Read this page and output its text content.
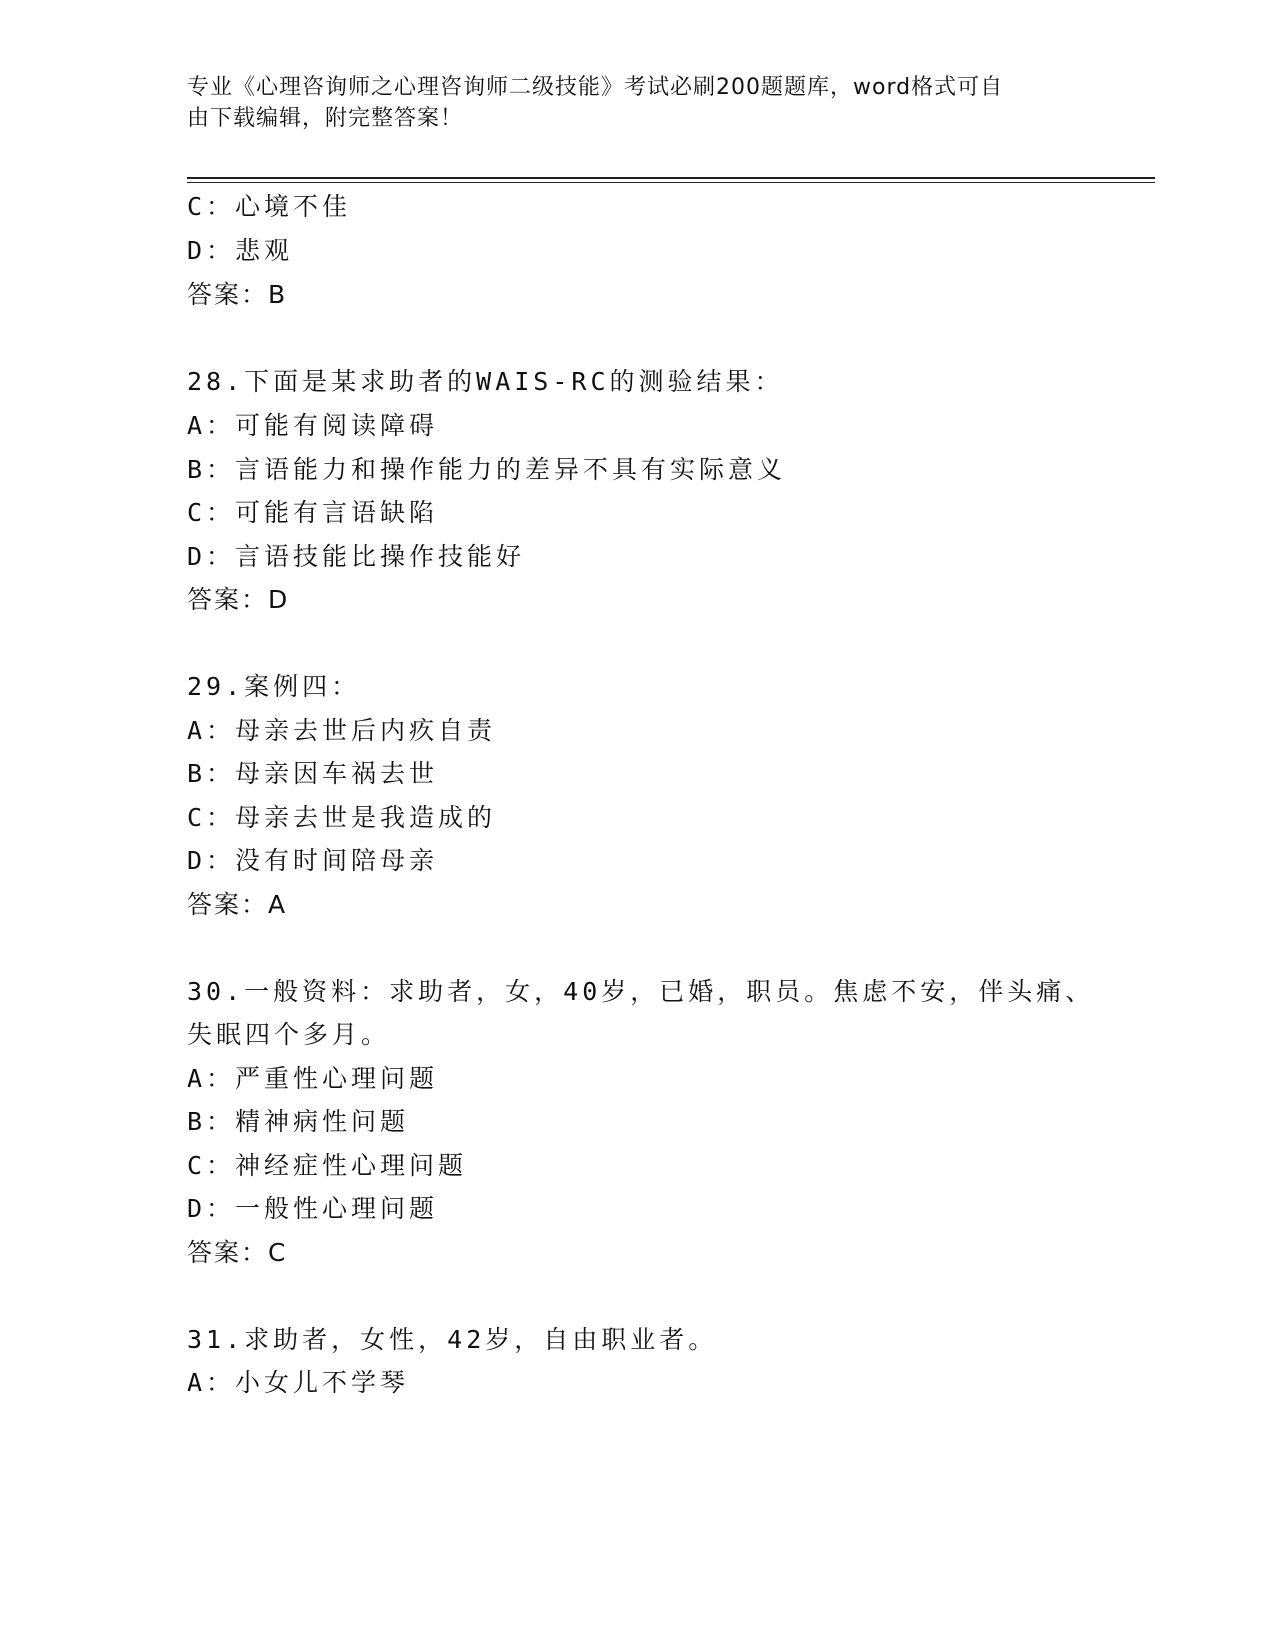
专业《心理咨询师之心理咨询师二级技能》考试必刷200题题库，word格式可自
由下载编辑，附完整答案！
C：心境不佳
D：悲观
答案：B
28.下面是某求助者的WAIS-RC的测验结果：
A：可能有阅读障碍
B：言语能力和操作能力的差异不具有实际意义
C：可能有言语缺陷
D：言语技能比操作技能好
答案：D
29.案例四：
A：母亲去世后内疚自责
B：母亲因车祸去世
C：母亲去世是我造成的
D：没有时间陪母亲
答案：A
30.一般资料：求助者，女，40岁，已婚，职员。焦虑不安，伴头痛、
失眠四个多月。
A：严重性心理问题
B：精神病性问题
C：神经症性心理问题
D：一般性心理问题
答案：C
31.求助者，女性，42岁，自由职业者。
A：小女儿不学琴
